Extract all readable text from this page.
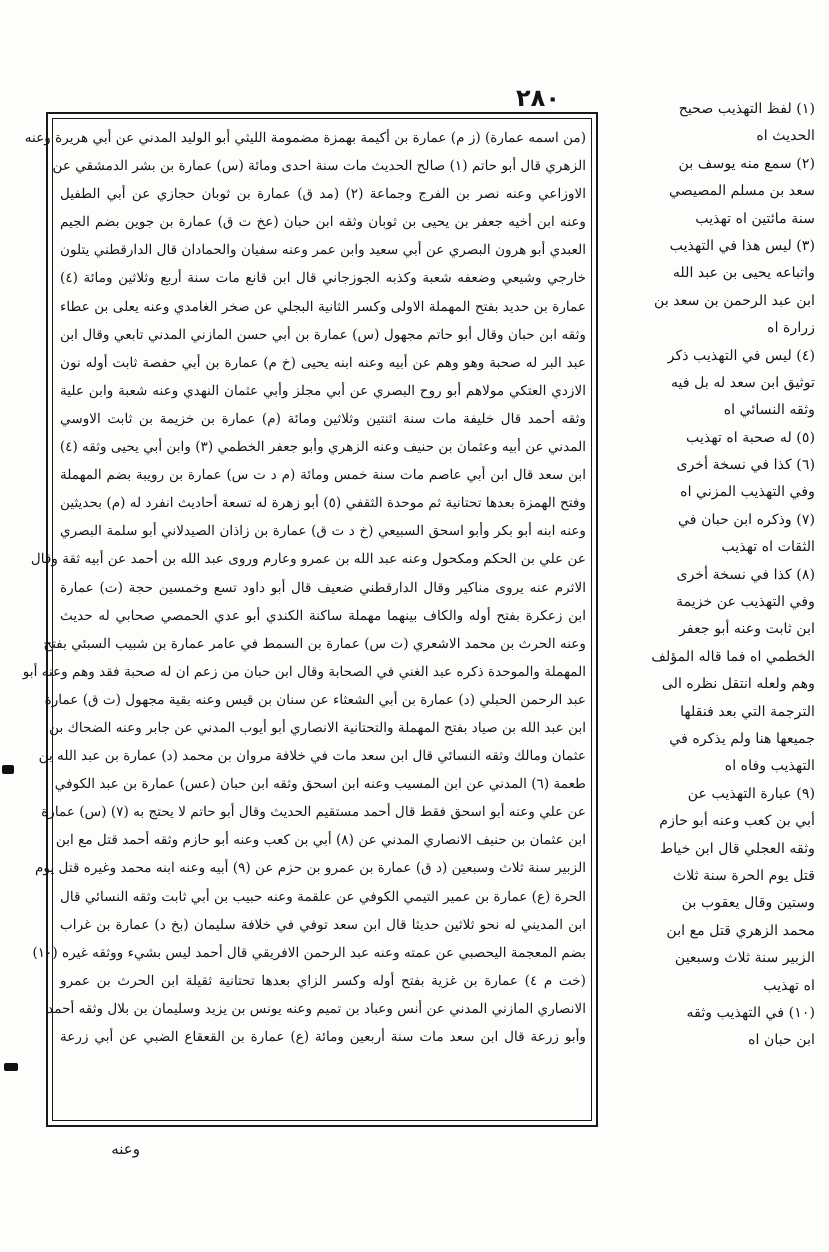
٢٨٠
(من اسمه عمارة) (ز م) عمارة بن أكيمة بهمزة مضمومة الليثي أبو الوليد المدني عن أبي هريرة وعنه
الزهري قال أبو حاتم (١) صالح الحديث مات سنة احدى ومائة (س) عمارة بن بشر الدمشقي عن
الاوزاعي وعنه نصر بن الفرج وجماعة (٢) (مد ق) عمارة بن ثوبان حجازي عن أبي الطفيل
وعنه ابن أخيه جعفر بن يحيى بن ثوبان وثقه ابن حبان (عخ ت ق) عمارة بن جوين بضم الجيم
العبدي أبو هرون البصري عن أبي سعيد وابن عمر وعنه سفيان والحمادان قال الدارقطني يتلون
خارجي وشيعي وضعفه شعبة وكذبه الجوزجاني قال ابن قانع مات سنة أربع وثلاثين ومائة (٤)
عمارة بن حديد بفتح المهملة الاولى وكسر الثانية البجلي عن صخر الغامدي وعنه يعلى بن عطاء
وثقه ابن حبان وقال أبو حاتم مجهول (س) عمارة بن أبي حسن المازني المدني تابعي وقال ابن
عبد البر له صحبة وهو وهم عن أبيه وعنه ابنه يحيى (خ م) عمارة بن أبي حفصة ثابت أوله نون
الازدي العتكي مولاهم أبو روح البصري عن أبي مجلز وأبي عثمان النهدي وعنه شعبة وابن علية
وثقه أحمد قال خليفة مات سنة اثنتين وثلاثين ومائة (م) عمارة بن خزيمة بن ثابت الاوسي
المدني عن أبيه وعثمان بن حنيف وعنه الزهري وأبو جعفر الخطمي (٣) وابن أبي يحيى وثقه (٤)
ابن سعد قال ابن أبي عاصم مات سنة خمس ومائة (م د ت س) عمارة بن رويبة بضم المهملة
وفتح الهمزة بعدها تحتانية ثم موحدة الثقفي (٥) أبو زهرة له تسعة أحاديث انفرد له (م) بحديثين
وعنه ابنه أبو بكر وأبو اسحق السبيعي (خ د ت ق) عمارة بن زاذان الصيدلاني أبو سلمة البصري
عن علي بن الحكم ومكحول وعنه عبد الله بن عمرو وعارم وروى عبد الله بن أحمد عن أبيه ثقة وقال
الاثرم عنه يروى مناكير وقال الدارقطني ضعيف قال أبو داود تسع وخمسين حجة (ت) عمارة
ابن زعكرة بفتح أوله والكاف بينهما مهملة ساكنة الكندي أبو عدي الحمصي صحابي له حديث
وعنه الحرث بن محمد الاشعري (ت س) عمارة بن السمط في عامر عمارة بن شبيب السبئي بفتح
المهملة والموحدة ذكره عبد الغني في الصحابة وقال ابن حبان من زعم ان له صحبة فقد وهم وعنه أبو
عبد الرحمن الحبلي (د) عمارة بن أبي الشعثاء عن سنان بن قيس وعنه بقية مجهول (ت ق) عمارة
ابن عبد الله بن صياد بفتح المهملة والتحتانية الانصاري أبو أيوب المدني عن جابر وعنه الضحاك بن
عثمان ومالك وثقه النسائي قال ابن سعد مات في خلافة مروان بن محمد (د) عمارة بن عبد الله بن
طعمة (٦) المدني عن ابن المسيب وعنه ابن اسحق وثقه ابن حبان (عس) عمارة بن عبد الكوفي
عن علي وعنه أبو اسحق فقط قال أحمد مستقيم الحديث وقال أبو حاتم لا يحتج به (٧) (س) عمارة
ابن عثمان بن حنيف الانصاري المدني عن (٨) أبي بن كعب وعنه أبو حازم وثقه أحمد قتل مع ابن
الزبير سنة ثلاث وسبعين (د ق) عمارة بن عمرو بن حزم عن (٩) أبيه وعنه ابنه محمد وغيره قتل يوم
الحرة (ع) عمارة بن عمير التيمي الكوفي عن علقمة وعنه حبيب بن أبي ثابت وثقه النسائي قال
ابن المديني له نحو ثلاثين حديثا قال ابن سعد توفي في خلافة سليمان (بخ د) عمارة بن غراب
بضم المعجمة اليحصبي عن عمته وعنه عبد الرحمن الافريقي قال أحمد ليس بشيء ووثقه غيره (١٠)
(خت م ٤) عمارة بن غزية بفتح أوله وكسر الزاي بعدها تحتانية ثقيلة ابن الحرث بن عمرو
الانصاري المازني المدني عن أنس وعباد بن تميم وعنه يونس بن يزيد وسليمان بن بلال وثقه أحمد
وأبو زرعة قال ابن سعد مات سنة أربعين ومائة (ع) عمارة بن القعقاع الضبي عن أبي زرعة
(١) لفظ التهذيب صحيح
الحديث اه
(٢) سمع منه يوسف بن
سعد بن مسلم المصيصي
سنة مائتين اه تهذيب
(٣) ليس هذا في التهذيب
واتباعه يحيى بن عبد الله
ابن عبد الرحمن بن سعد بن
زرارة اه
(٤) ليس في التهذيب ذكر
توثيق ابن سعد له بل فيه
وثقه النسائي اه
(٥) له صحبة اه تهذيب
(٦) كذا في نسخة أخرى
وفي التهذيب المزني اه
(٧) وذكره ابن حبان في
الثقات اه تهذيب
(٨) كذا في نسخة أخرى
وفي التهذيب عن خزيمة
ابن ثابت وعنه أبو جعفر
الخطمي اه فما قاله المؤلف
وهم ولعله انتقل نظره الى
الترجمة التي بعد فنقلها
جميعها هنا ولم يذكره في
التهذيب وفاه اه
(٩) عبارة التهذيب عن
أبي بن كعب وعنه أبو حازم
وثقه العجلي قال ابن خياط
قتل يوم الحرة سنة ثلاث
وستين وقال يعقوب بن
محمد الزهري قتل مع ابن
الزبير سنة ثلاث وسبعين
اه تهذيب
(١٠) في التهذيب وثقه
ابن حبان اه
وعنه
